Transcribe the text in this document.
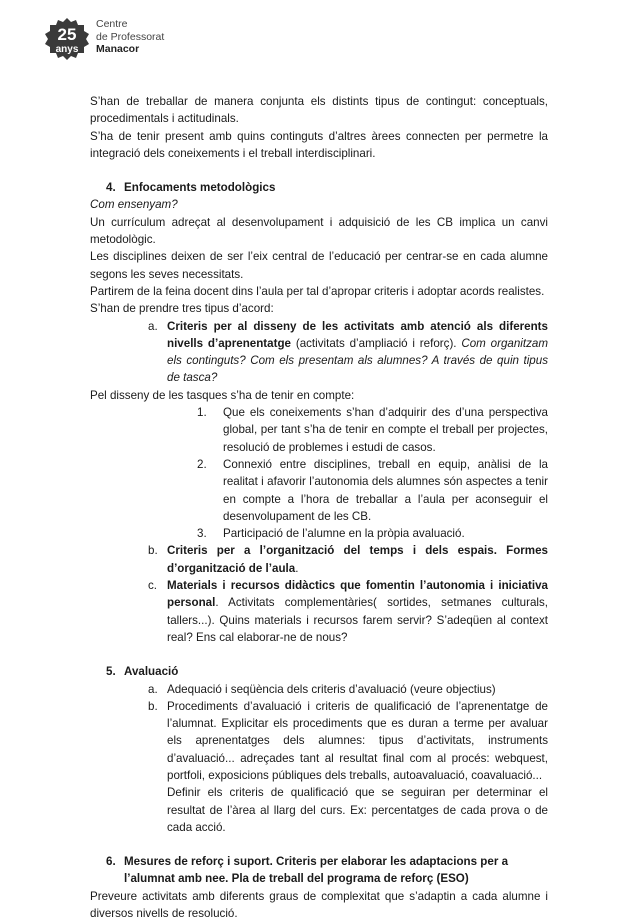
25
anys
Centre
de Professorat
Manacor

S’han de treballar de manera conjunta els distints tipus de contingut: conceptuals, procedimentals i actitudinals.

S’ha de tenir present amb quins continguts d’altres àrees connecten per permetre la integració dels coneixements i el treball interdisciplinari.

4. Enfocaments metodològics

Com ensenyam?

Un currículum adreçat al desenvolupament i adquisició de les CB implica un canvi metodològic.

Les disciplines deixen de ser l’eix central de l’educació per centrar-se en cada alumne segons les seves necessitats.

Partirem de la feina docent dins l’aula per tal d’apropar criteris i adoptar acords realistes.

S’han de prendre tres tipus d’acord:

a. Criteris per al disseny de les activitats amb atenció als diferents nivells d’aprenentatge (activitats d’ampliació i reforç). Com organitzam els continguts? Com els presentam als alumnes? A través de quin tipus de tasca?

Pel disseny de les tasques s’ha de tenir en compte:

1.	Que els coneixements s’han d’adquirir des d’una perspectiva global, per tant s’ha de tenir en compte el treball per projectes, resolució de problemes i estudi de casos.
2.	Connexió entre disciplines, treball en equip, anàlisi de la realitat i afavorir l’autonomia dels alumnes són aspectes a tenir en compte a l’hora de treballar a l’aula per aconseguir el desenvolupament de les CB.
3.	Participació de l’alumne en la pròpia avaluació.
b. Criteris per a l’organització del temps i dels espais. Formes d’organització de l’aula.
c. Materials i recursos didàctics que fomentin l’autonomia i iniciativa personal. Activitats complementàries( sortides, setmanes culturals, tallers...). Quins materials i recursos farem servir? S’adeqüen al context real? Ens cal elaborar-ne de nous?
5. Avaluació
a. Adequació i seqüència dels criteris d’avaluació (veure objectius)
b. Procediments d’avaluació i criteris de qualificació de l’aprenentatge de l’alumnat. Explicitar els procediments que es duran a terme per avaluar els aprenentatges dels alumnes: tipus d’activitats, instruments d’avaluació... adreçades tant al resultat final com al procés: webquest, portfoli, exposicions públiques dels treballs, autoavaluació, coavaluació...
Definir els criteris de qualificació que se seguiran per determinar el resultat de l’àrea al llarg del curs. Ex: percentatges de cada prova o de cada acció.
6. Mesures de reforç i suport. Criteris per elaborar les adaptacions per a l’alumnat amb nee. Pla de treball del programa de reforç (ESO)

Preveure activitats amb diferents graus de complexitat que s’adaptin a cada alumne i diversos nivells de resolució.
